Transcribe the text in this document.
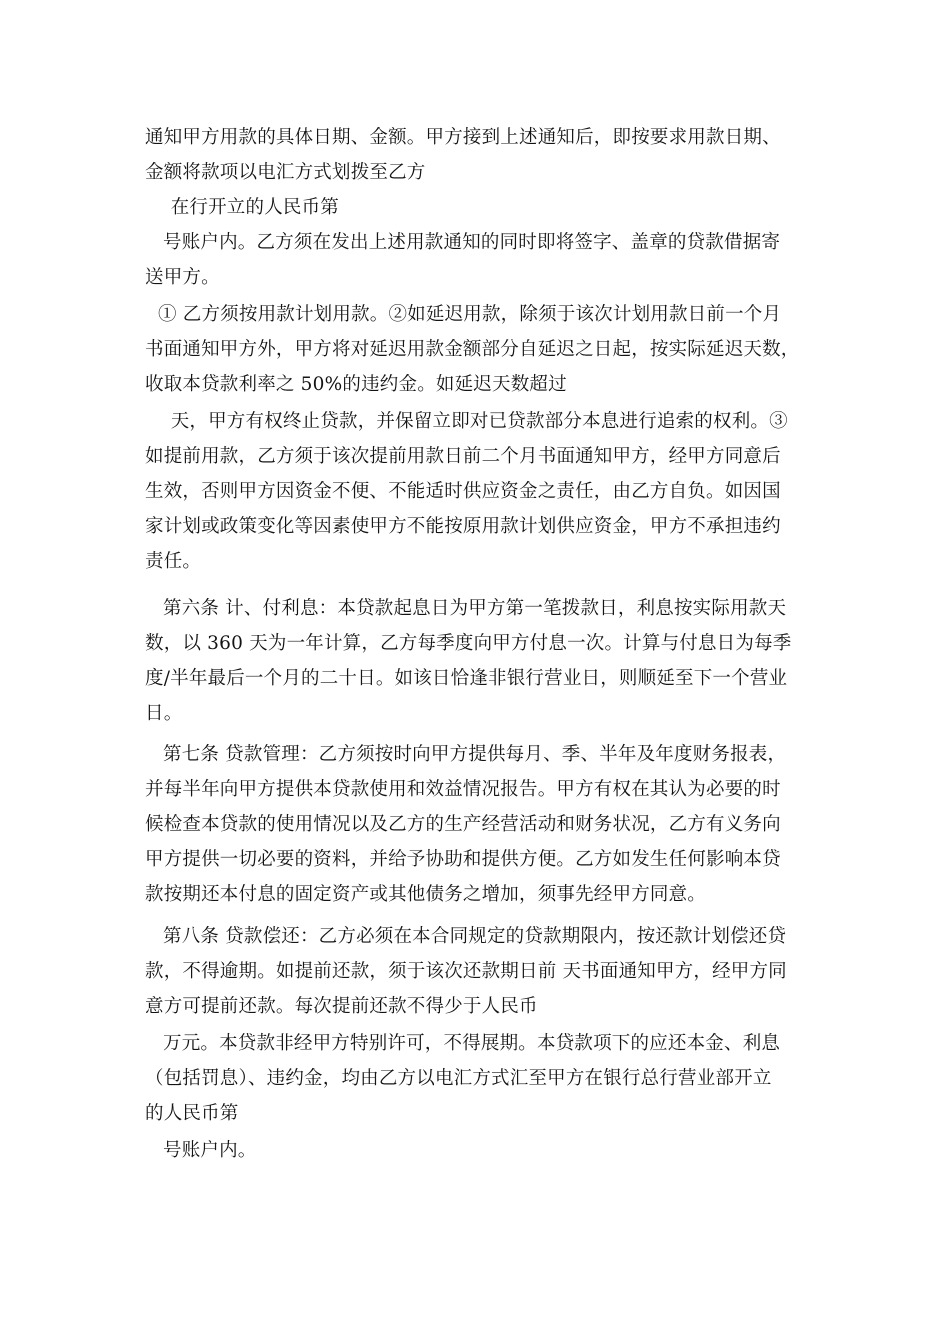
通知甲方用款的具体日期、金额。甲方接到上述通知后，即按要求用款日期、
金额将款项以电汇方式划拨至乙方
　在行开立的人民币第
号账户内。乙方须在发出上述用款通知的同时即将签字、盖章的贷款借据寄
送甲方。
① 乙方须按用款计划用款。②如延迟用款，除须于该次计划用款日前一个月
书面通知甲方外，甲方将对延迟用款金额部分自延迟之日起，按实际延迟天数，
收取本贷款利率之 50%的违约金。如延迟天数超过
　天，甲方有权终止贷款，并保留立即对已贷款部分本息进行追索的权利。③
如提前用款，乙方须于该次提前用款日前二个月书面通知甲方，经甲方同意后
生效，否则甲方因资金不便、不能适时供应资金之责任，由乙方自负。如因国
家计划或政策变化等因素使甲方不能按原用款计划供应资金，甲方不承担违约
责任。
第六条 计、付利息：本贷款起息日为甲方第一笔拨款日，利息按实际用款天
数，以 360 天为一年计算，乙方每季度向甲方付息一次。计算与付息日为每季
度/半年最后一个月的二十日。如该日恰逢非银行营业日，则顺延至下一个营业
日。
第七条 贷款管理：乙方须按时向甲方提供每月、季、半年及年度财务报表，
并每半年向甲方提供本贷款使用和效益情况报告。甲方有权在其认为必要的时
候检查本贷款的使用情况以及乙方的生产经营活动和财务状况，乙方有义务向
甲方提供一切必要的资料，并给予协助和提供方便。乙方如发生任何影响本贷
款按期还本付息的固定资产或其他债务之增加，须事先经甲方同意。
第八条 贷款偿还：乙方必须在本合同规定的贷款期限内，按还款计划偿还贷
款，不得逾期。如提前还款，须于该次还款期日前 天书面通知甲方，经甲方同
意方可提前还款。每次提前还款不得少于人民币
万元。本贷款非经甲方特别许可，不得展期。本贷款项下的应还本金、利息
（包括罚息）、违约金，均由乙方以电汇方式汇至甲方在银行总行营业部开立
的人民币第
号账户内。
